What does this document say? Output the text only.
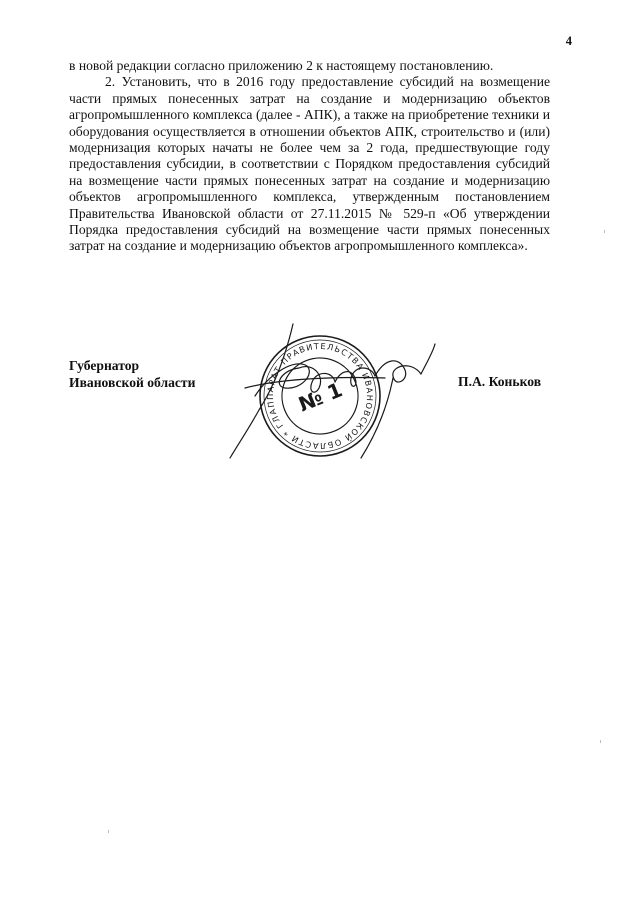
4

в новой редакции согласно приложению 2 к настоящему постановлению.

2. Установить, что в 2016 году предоставление субсидий на возмещение части прямых понесенных затрат на создание и модернизацию объектов агропромышленного комплекса (далее - АПК), а также на приобретение техники и оборудования осуществляется в отношении объектов АПК, строительство и (или) модернизация которых начаты не более чем за 2 года, предшествующие году предоставления субсидии, в соответствии с Порядком предоставления субсидий на возмещение части прямых понесенных затрат на создание и модернизацию объектов агропромышленного комплекса, утвержденным постановлением Правительства Ивановской области от 27.11.2015 № 529-п «Об утверждении Порядка предоставления субсидий на возмещение части прямых понесенных затрат на создание и модернизацию объектов агропромышленного комплекса».

Губернатор
Ивановской области
АППАРАТ ПРАВИТЕЛЬСТВА ИВАНОВСКОЙ ОБЛАСТИ * ГЛАВНОЕ
№ 1	П.А. Коньков
